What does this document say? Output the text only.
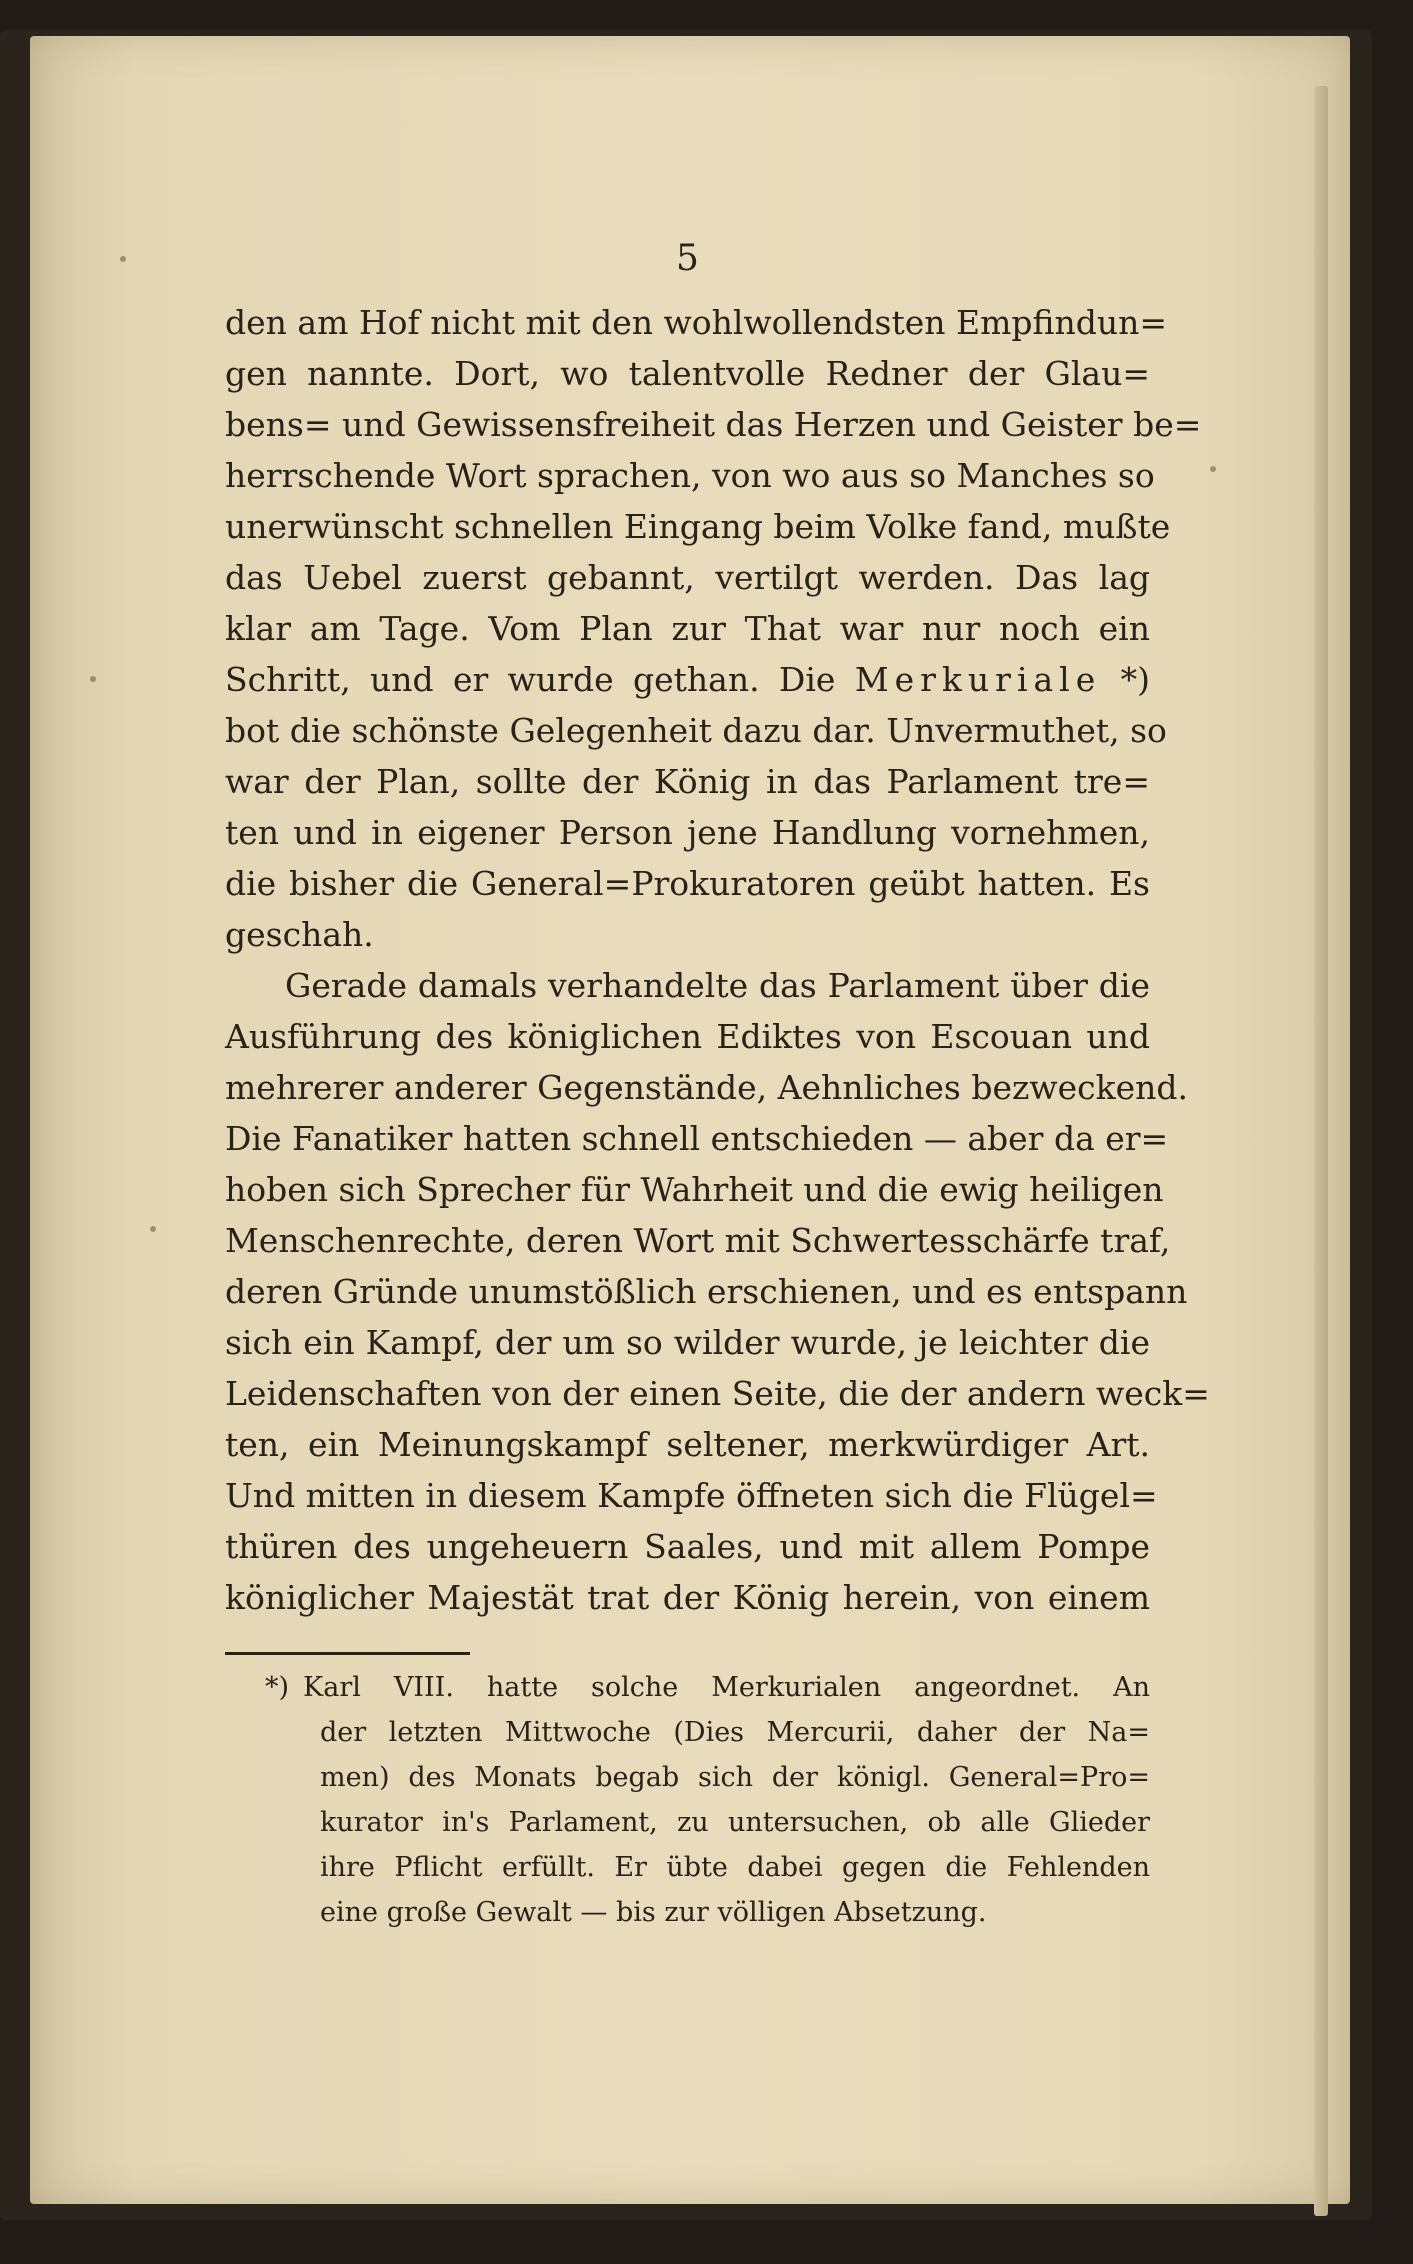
5
den am Hof nicht mit den wohlwollendsten Empfindun=
gen nannte. Dort, wo talentvolle Redner der Glau=
bens= und Gewissensfreiheit das Herzen und Geister be=
herrschende Wort sprachen, von wo aus so Manches so
unerwünscht schnellen Eingang beim Volke fand, mußte
das Uebel zuerst gebannt, vertilgt werden. Das lag
klar am Tage. Vom Plan zur That war nur noch ein
Schritt, und er wurde gethan. Die Merkuriale *)
bot die schönste Gelegenheit dazu dar. Unvermuthet, so
war der Plan, sollte der König in das Parlament tre=
ten und in eigener Person jene Handlung vornehmen,
die bisher die General=Prokuratoren geübt hatten. Es
geschah.
Gerade damals verhandelte das Parlament über die
Ausführung des königlichen Ediktes von Escouan und
mehrerer anderer Gegenstände, Aehnliches bezweckend.
Die Fanatiker hatten schnell entschieden — aber da er=
hoben sich Sprecher für Wahrheit und die ewig heiligen
Menschenrechte, deren Wort mit Schwertesschärfe traf,
deren Gründe unumstößlich erschienen, und es entspann
sich ein Kampf, der um so wilder wurde, je leichter die
Leidenschaften von der einen Seite, die der andern weck=
ten, ein Meinungskampf seltener, merkwürdiger Art.
Und mitten in diesem Kampfe öffneten sich die Flügel=
thüren des ungeheuern Saales, und mit allem Pompe
königlicher Majestät trat der König herein, von einem
*) Karl VIII. hatte solche Merkurialen angeordnet. An
der letzten Mittwoche (Dies Mercurii, daher der Na=
men) des Monats begab sich der königl. General=Pro=
kurator in's Parlament, zu untersuchen, ob alle Glieder
ihre Pflicht erfüllt. Er übte dabei gegen die Fehlenden
eine große Gewalt — bis zur völligen Absetzung.
